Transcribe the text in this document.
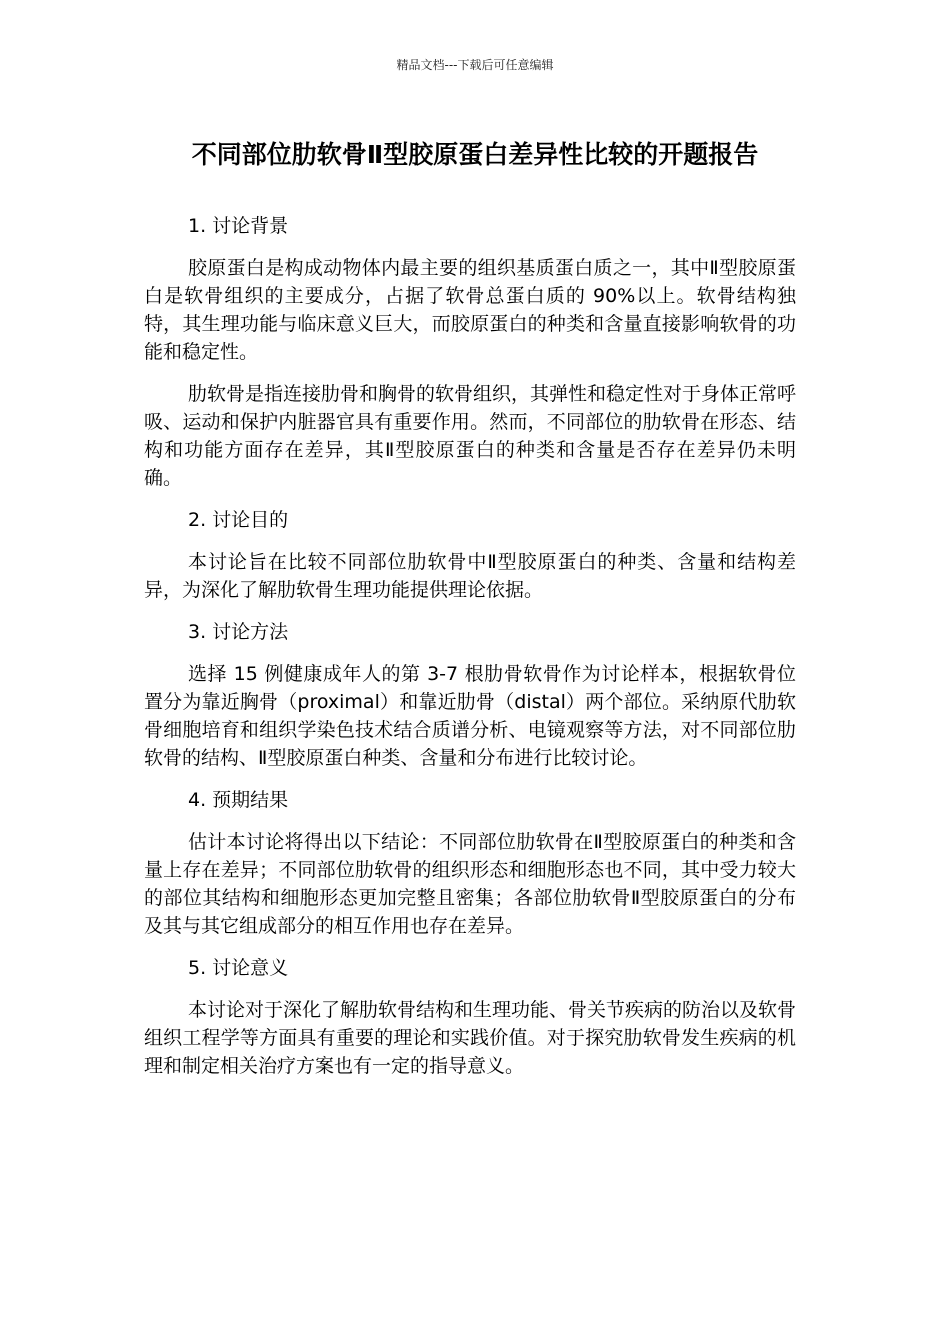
精品文档---下载后可任意编辑
不同部位肋软骨Ⅱ型胶原蛋白差异性比较的开题报告
1. 讨论背景

胶原蛋白是构成动物体内最主要的组织基质蛋白质之一，其中Ⅱ型胶原蛋白是软骨组织的主要成分，占据了软骨总蛋白质的 90%以上。软骨结构独特，其生理功能与临床意义巨大，而胶原蛋白的种类和含量直接影响软骨的功能和稳定性。

肋软骨是指连接肋骨和胸骨的软骨组织，其弹性和稳定性对于身体正常呼吸、运动和保护内脏器官具有重要作用。然而，不同部位的肋软骨在形态、结构和功能方面存在差异，其Ⅱ型胶原蛋白的种类和含量是否存在差异仍未明确。

2. 讨论目的

本讨论旨在比较不同部位肋软骨中Ⅱ型胶原蛋白的种类、含量和结构差异，为深化了解肋软骨生理功能提供理论依据。

3. 讨论方法

选择 15 例健康成年人的第 3-7 根肋骨软骨作为讨论样本，根据软骨位置分为靠近胸骨（proximal）和靠近肋骨（distal）两个部位。采纳原代肋软骨细胞培育和组织学染色技术结合质谱分析、电镜观察等方法，对不同部位肋软骨的结构、Ⅱ型胶原蛋白种类、含量和分布进行比较讨论。

4. 预期结果

估计本讨论将得出以下结论：不同部位肋软骨在Ⅱ型胶原蛋白的种类和含量上存在差异；不同部位肋软骨的组织形态和细胞形态也不同，其中受力较大的部位其结构和细胞形态更加完整且密集；各部位肋软骨Ⅱ型胶原蛋白的分布及其与其它组成部分的相互作用也存在差异。

5. 讨论意义

本讨论对于深化了解肋软骨结构和生理功能、骨关节疾病的防治以及软骨组织工程学等方面具有重要的理论和实践价值。对于探究肋软骨发生疾病的机理和制定相关治疗方案也有一定的指导意义。
